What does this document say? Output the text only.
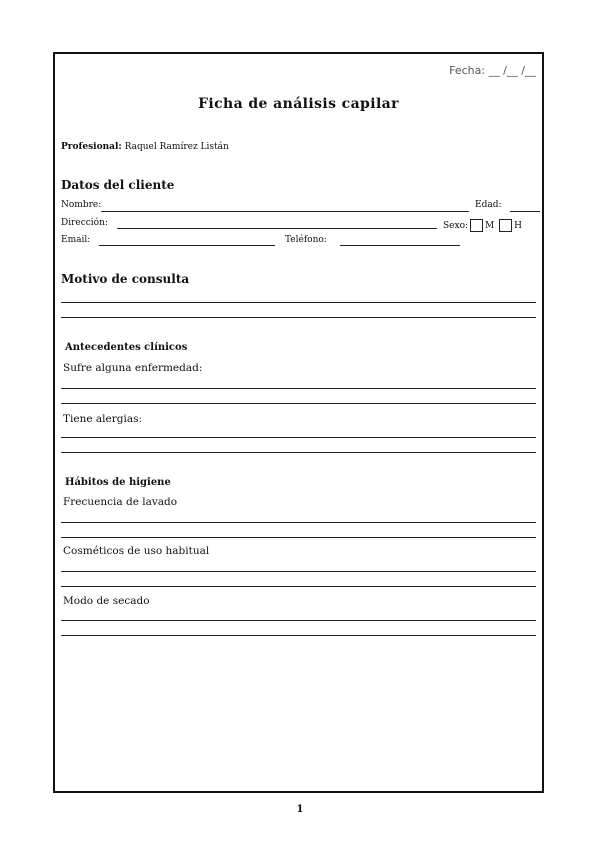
Fecha: __ /__ /__
Ficha de análisis capilar
Profesional: Raquel Ramírez Listán
Datos del cliente
Nombre:	Edad:
Dirección:	Sexo: M H
Email:	Teléfono:
Motivo de consulta
Antecedentes clínicos
Sufre alguna enfermedad:
Tiene alergias:
Hábitos de higiene
Frecuencia de lavado
Cosméticos de uso habitual
Modo de secado
1
